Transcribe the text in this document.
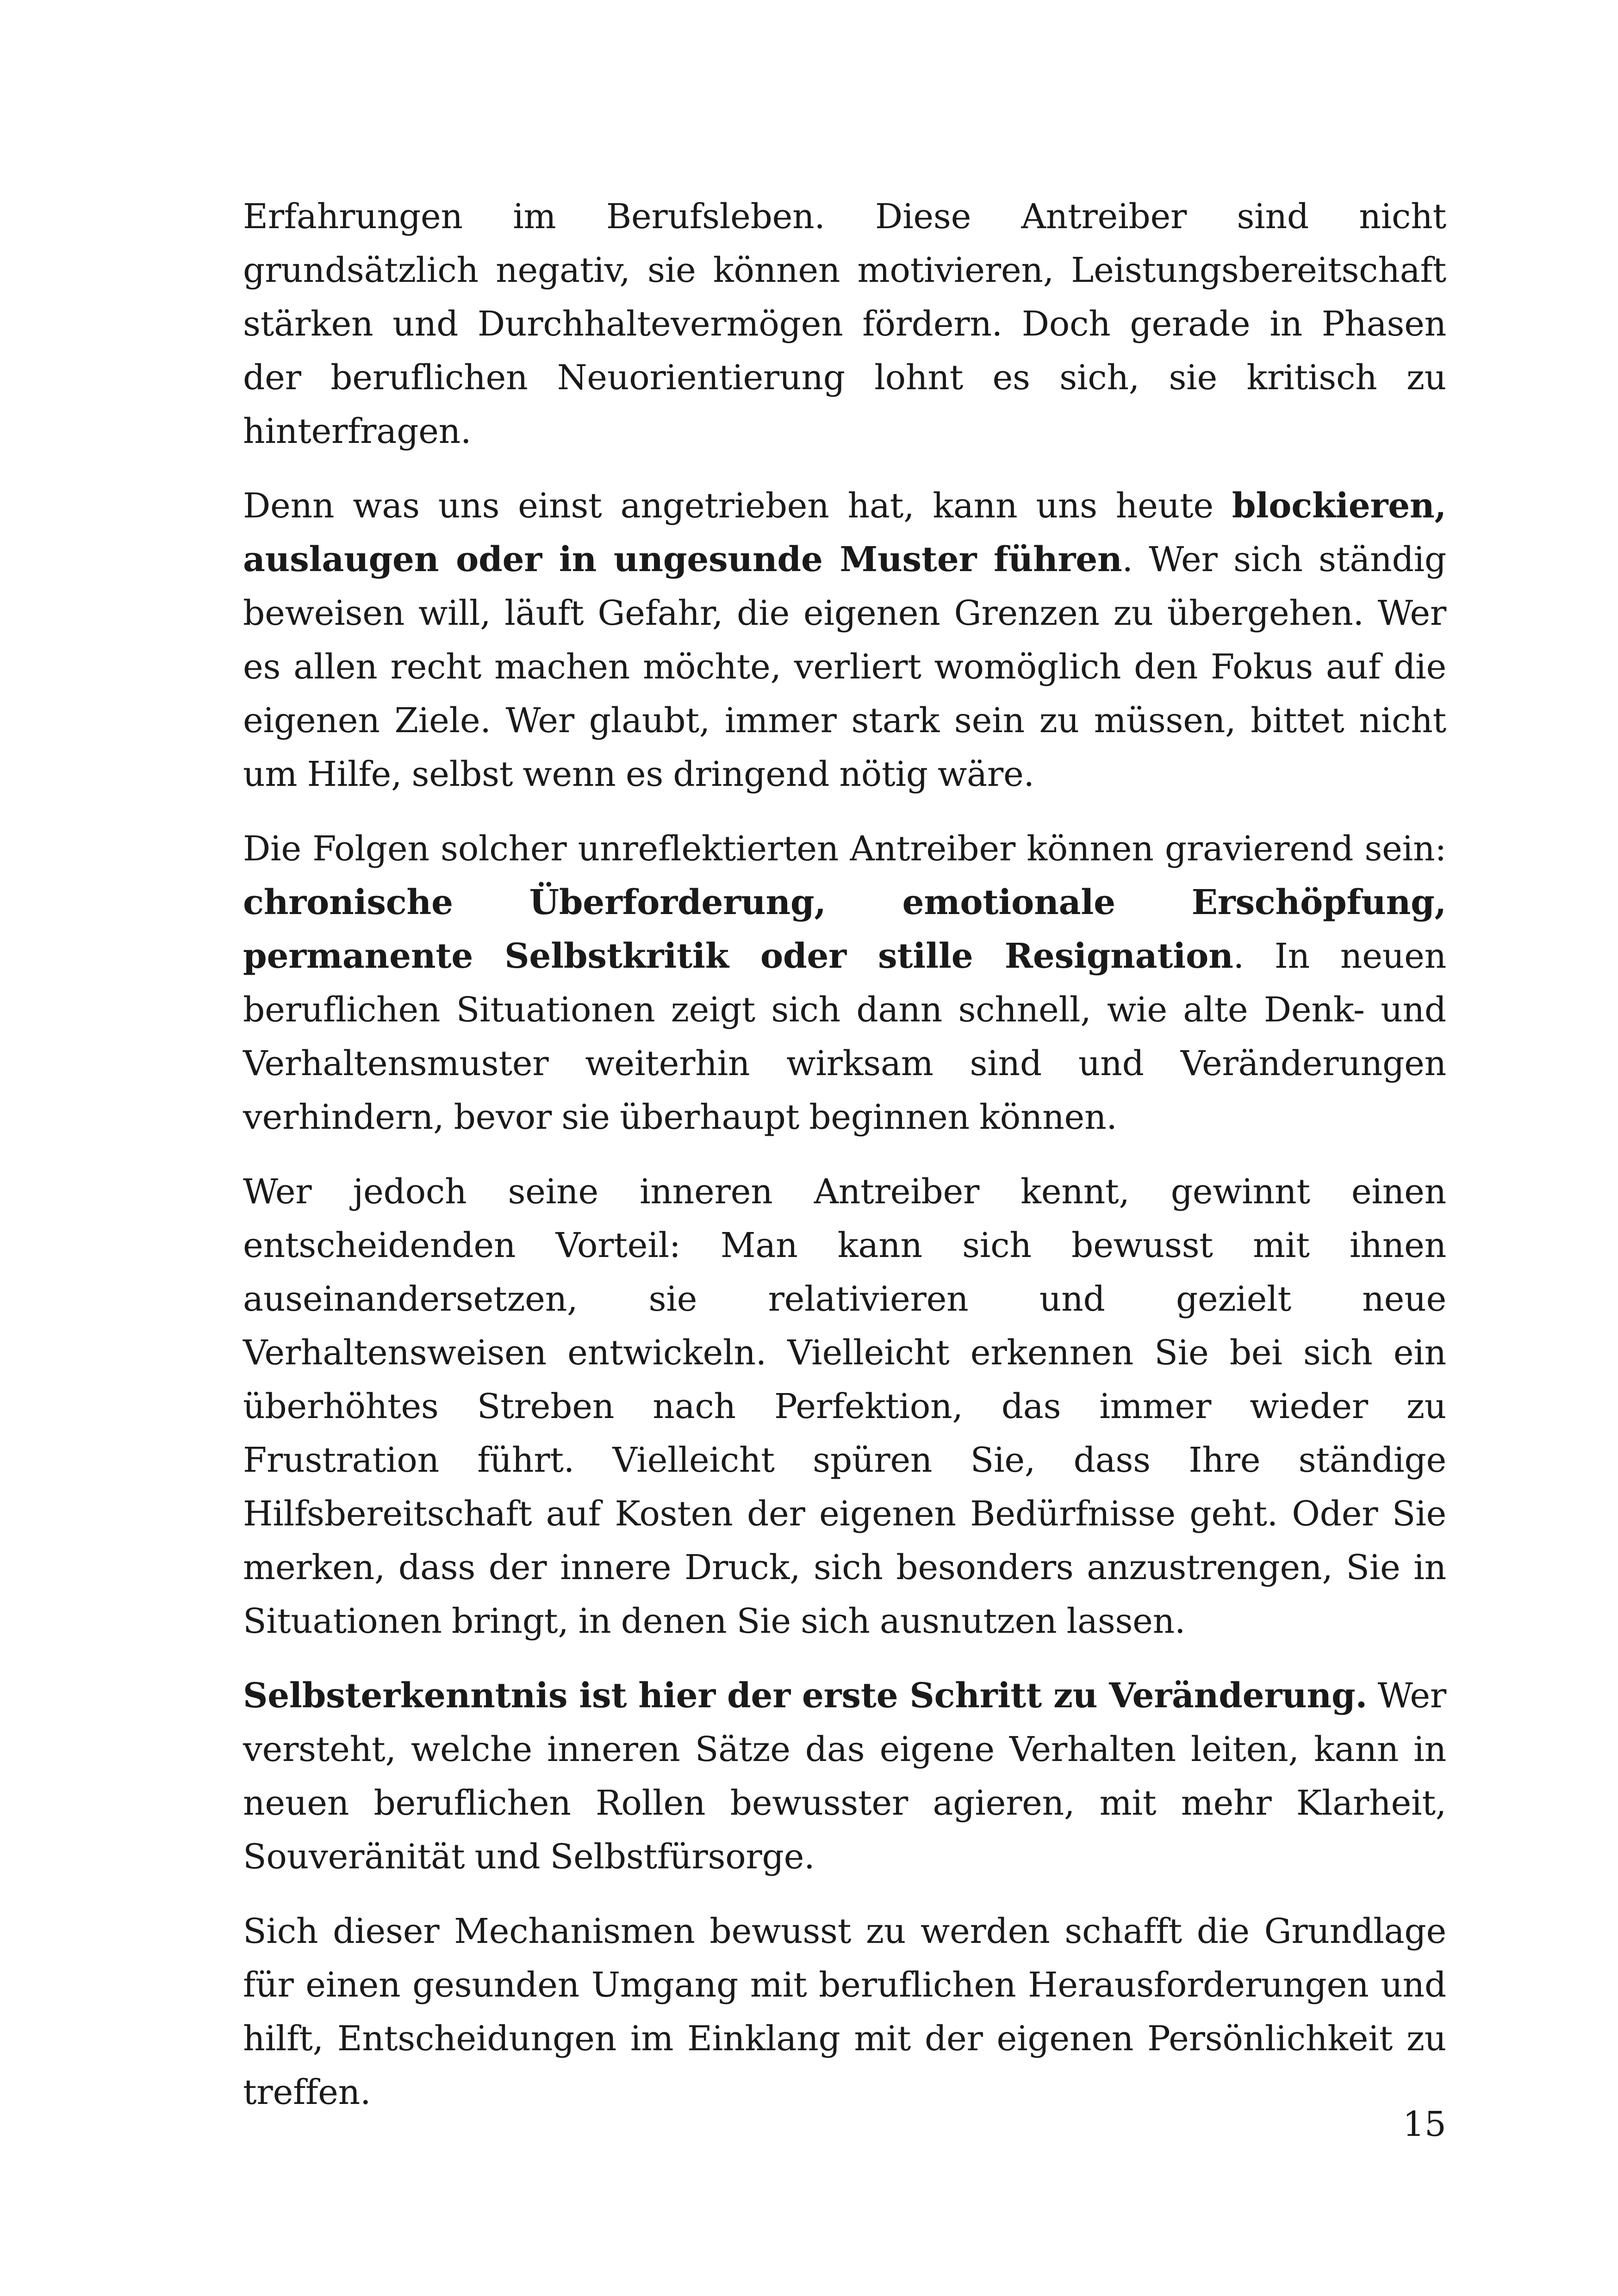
Erfahrungen im Berufsleben. Diese Antreiber sind nicht grundsätzlich negativ, sie können motivieren, Leistungsbereitschaft stärken und Durchhaltevermögen fördern. Doch gerade in Phasen der beruflichen Neuorientierung lohnt es sich, sie kritisch zu hinterfragen.

Denn was uns einst angetrieben hat, kann uns heute blockieren, auslaugen oder in ungesunde Muster führen. Wer sich ständig beweisen will, läuft Gefahr, die eigenen Grenzen zu übergehen. Wer es allen recht machen möchte, verliert womöglich den Fokus auf die eigenen Ziele. Wer glaubt, immer stark sein zu müssen, bittet nicht um Hilfe, selbst wenn es dringend nötig wäre.

Die Folgen solcher unreflektierten Antreiber können gravierend sein: chronische Überforderung, emotionale Erschöpfung, permanente Selbstkritik oder stille Resignation. In neuen beruflichen Situationen zeigt sich dann schnell, wie alte Denk- und Verhaltensmuster weiterhin wirksam sind und Veränderungen verhindern, bevor sie überhaupt beginnen können.

Wer jedoch seine inneren Antreiber kennt, gewinnt einen entscheidenden Vorteil: Man kann sich bewusst mit ihnen auseinandersetzen, sie relativieren und gezielt neue Verhaltensweisen entwickeln. Vielleicht erkennen Sie bei sich ein überhöhtes Streben nach Perfektion, das immer wieder zu Frustration führt. Vielleicht spüren Sie, dass Ihre ständige Hilfsbereitschaft auf Kosten der eigenen Bedürfnisse geht. Oder Sie merken, dass der innere Druck, sich besonders anzustrengen, Sie in Situationen bringt, in denen Sie sich ausnutzen lassen.

Selbsterkenntnis ist hier der erste Schritt zu Veränderung. Wer versteht, welche inneren Sätze das eigene Verhalten leiten, kann in neuen beruflichen Rollen bewusster agieren, mit mehr Klarheit, Souveränität und Selbstfürsorge.

Sich dieser Mechanismen bewusst zu werden schafft die Grundlage für einen gesunden Umgang mit beruflichen Herausforderungen und hilft, Entscheidungen im Einklang mit der eigenen Persönlichkeit zu treffen.

15
